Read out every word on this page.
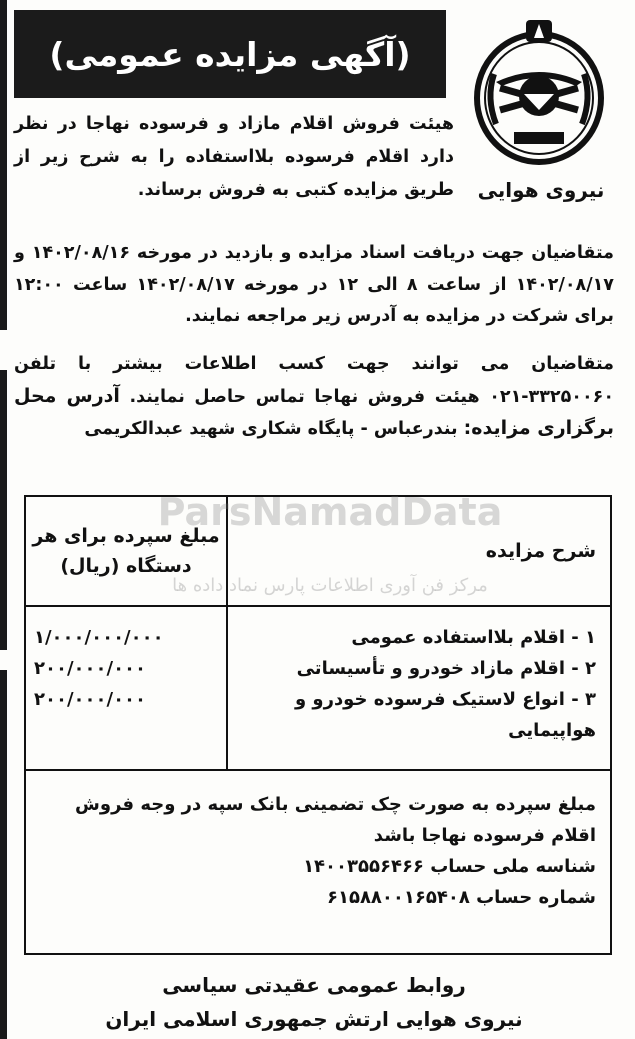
(آگهی مزایده عمومی)
نیروی هوایی
هیئت فروش اقلام مازاد و فرسوده نهاجا در نظر دارد اقلام فرسوده بلااستفاده را به شرح زیر از طریق مزایده کتبی به فروش برساند.
متقاضیان جهت دریافت اسناد مزایده و بازدید در مورخه ۱۴۰۲/۰۸/۱۶ و ۱۴۰۲/۰۸/۱۷ از ساعت ۸ الی ۱۲ در مورخه ۱۴۰۲/۰۸/۱۷ ساعت ۱۲:۰۰ برای شرکت در مزایده به آدرس زیر مراجعه نمایند.
متقاضیان می توانند جهت کسب اطلاعات بیشتر با تلفن ۳۳۲۵۰۰۶۰-۰۲۱ هیئت فروش نهاجا تماس حاصل نمایند. آدرس محل برگزاری مزایده: بندرعباس - پایگاه شکاری شهید عبدالکریمی
شرح مزایده
مبلغ سپرده برای هر دستگاه (ریال)
۱ - اقلام بلااستفاده عمومی
۲ - اقلام مازاد خودرو و تأسیساتی
۳ - انواع لاستیک فرسوده خودرو و هواپیمایی
۱/۰۰۰/۰۰۰/۰۰۰
۲۰۰/۰۰۰/۰۰۰
۲۰۰/۰۰۰/۰۰۰
مبلغ سپرده به صورت چک تضمینی بانک سپه در وجه فروش اقلام فرسوده نهاجا باشد
شناسه ملی حساب ۱۴۰۰۳۵۵۶۴۶۶
شماره حساب ۶۱۵۸۸۰۰۱۶۵۴۰۸
ParsNamadData
مرکز فن آوری اطلاعات پارس نماد داده ها
روابط عمومی عقیدتی سیاسی
نیروی هوایی ارتش جمهوری اسلامی ایران
